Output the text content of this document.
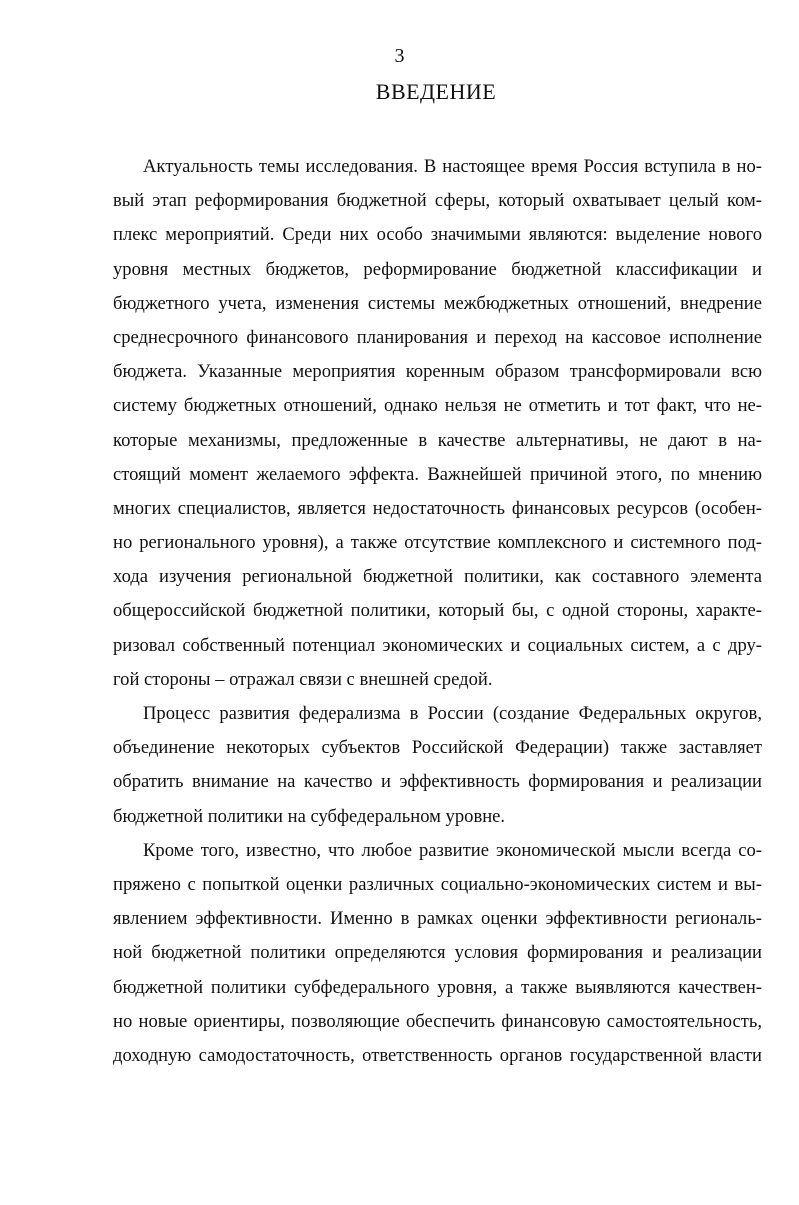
3
ВВЕДЕНИЕ
Актуальность темы исследования. В настоящее время Россия вступила в но-
вый этап реформирования бюджетной сферы, который охватывает целый ком-
плекс мероприятий. Среди них особо значимыми являются: выделение нового
уровня местных бюджетов, реформирование бюджетной классификации и
бюджетного учета, изменения системы межбюджетных отношений, внедрение
среднесрочного финансового планирования и переход на кассовое исполнение
бюджета. Указанные мероприятия коренным образом трансформировали всю
систему бюджетных отношений, однако нельзя не отметить и тот факт, что не-
которые механизмы, предложенные в качестве альтернативы, не дают в на-
стоящий момент желаемого эффекта. Важнейшей причиной этого, по мнению
многих специалистов, является недостаточность финансовых ресурсов (особен-
но регионального уровня), а также отсутствие комплексного и системного под-
хода изучения региональной бюджетной политики, как составного элемента
общероссийской бюджетной политики, который бы, с одной стороны, характе-
ризовал собственный потенциал экономических и социальных систем, а с дру-
гой стороны – отражал связи с внешней средой.
Процесс развития федерализма в России (создание Федеральных округов,
объединение некоторых субъектов Российской Федерации) также заставляет
обратить внимание на качество и эффективность формирования и реализации
бюджетной политики на субфедеральном уровне.
Кроме того, известно, что любое развитие экономической мысли всегда со-
пряжено с попыткой оценки различных социально-экономических систем и вы-
явлением эффективности. Именно в рамках оценки эффективности региональ-
ной бюджетной политики определяются условия формирования и реализации
бюджетной политики субфедерального уровня, а также выявляются качествен-
но новые ориентиры, позволяющие обеспечить финансовую самостоятельность,
доходную самодостаточность, ответственность органов государственной власти
